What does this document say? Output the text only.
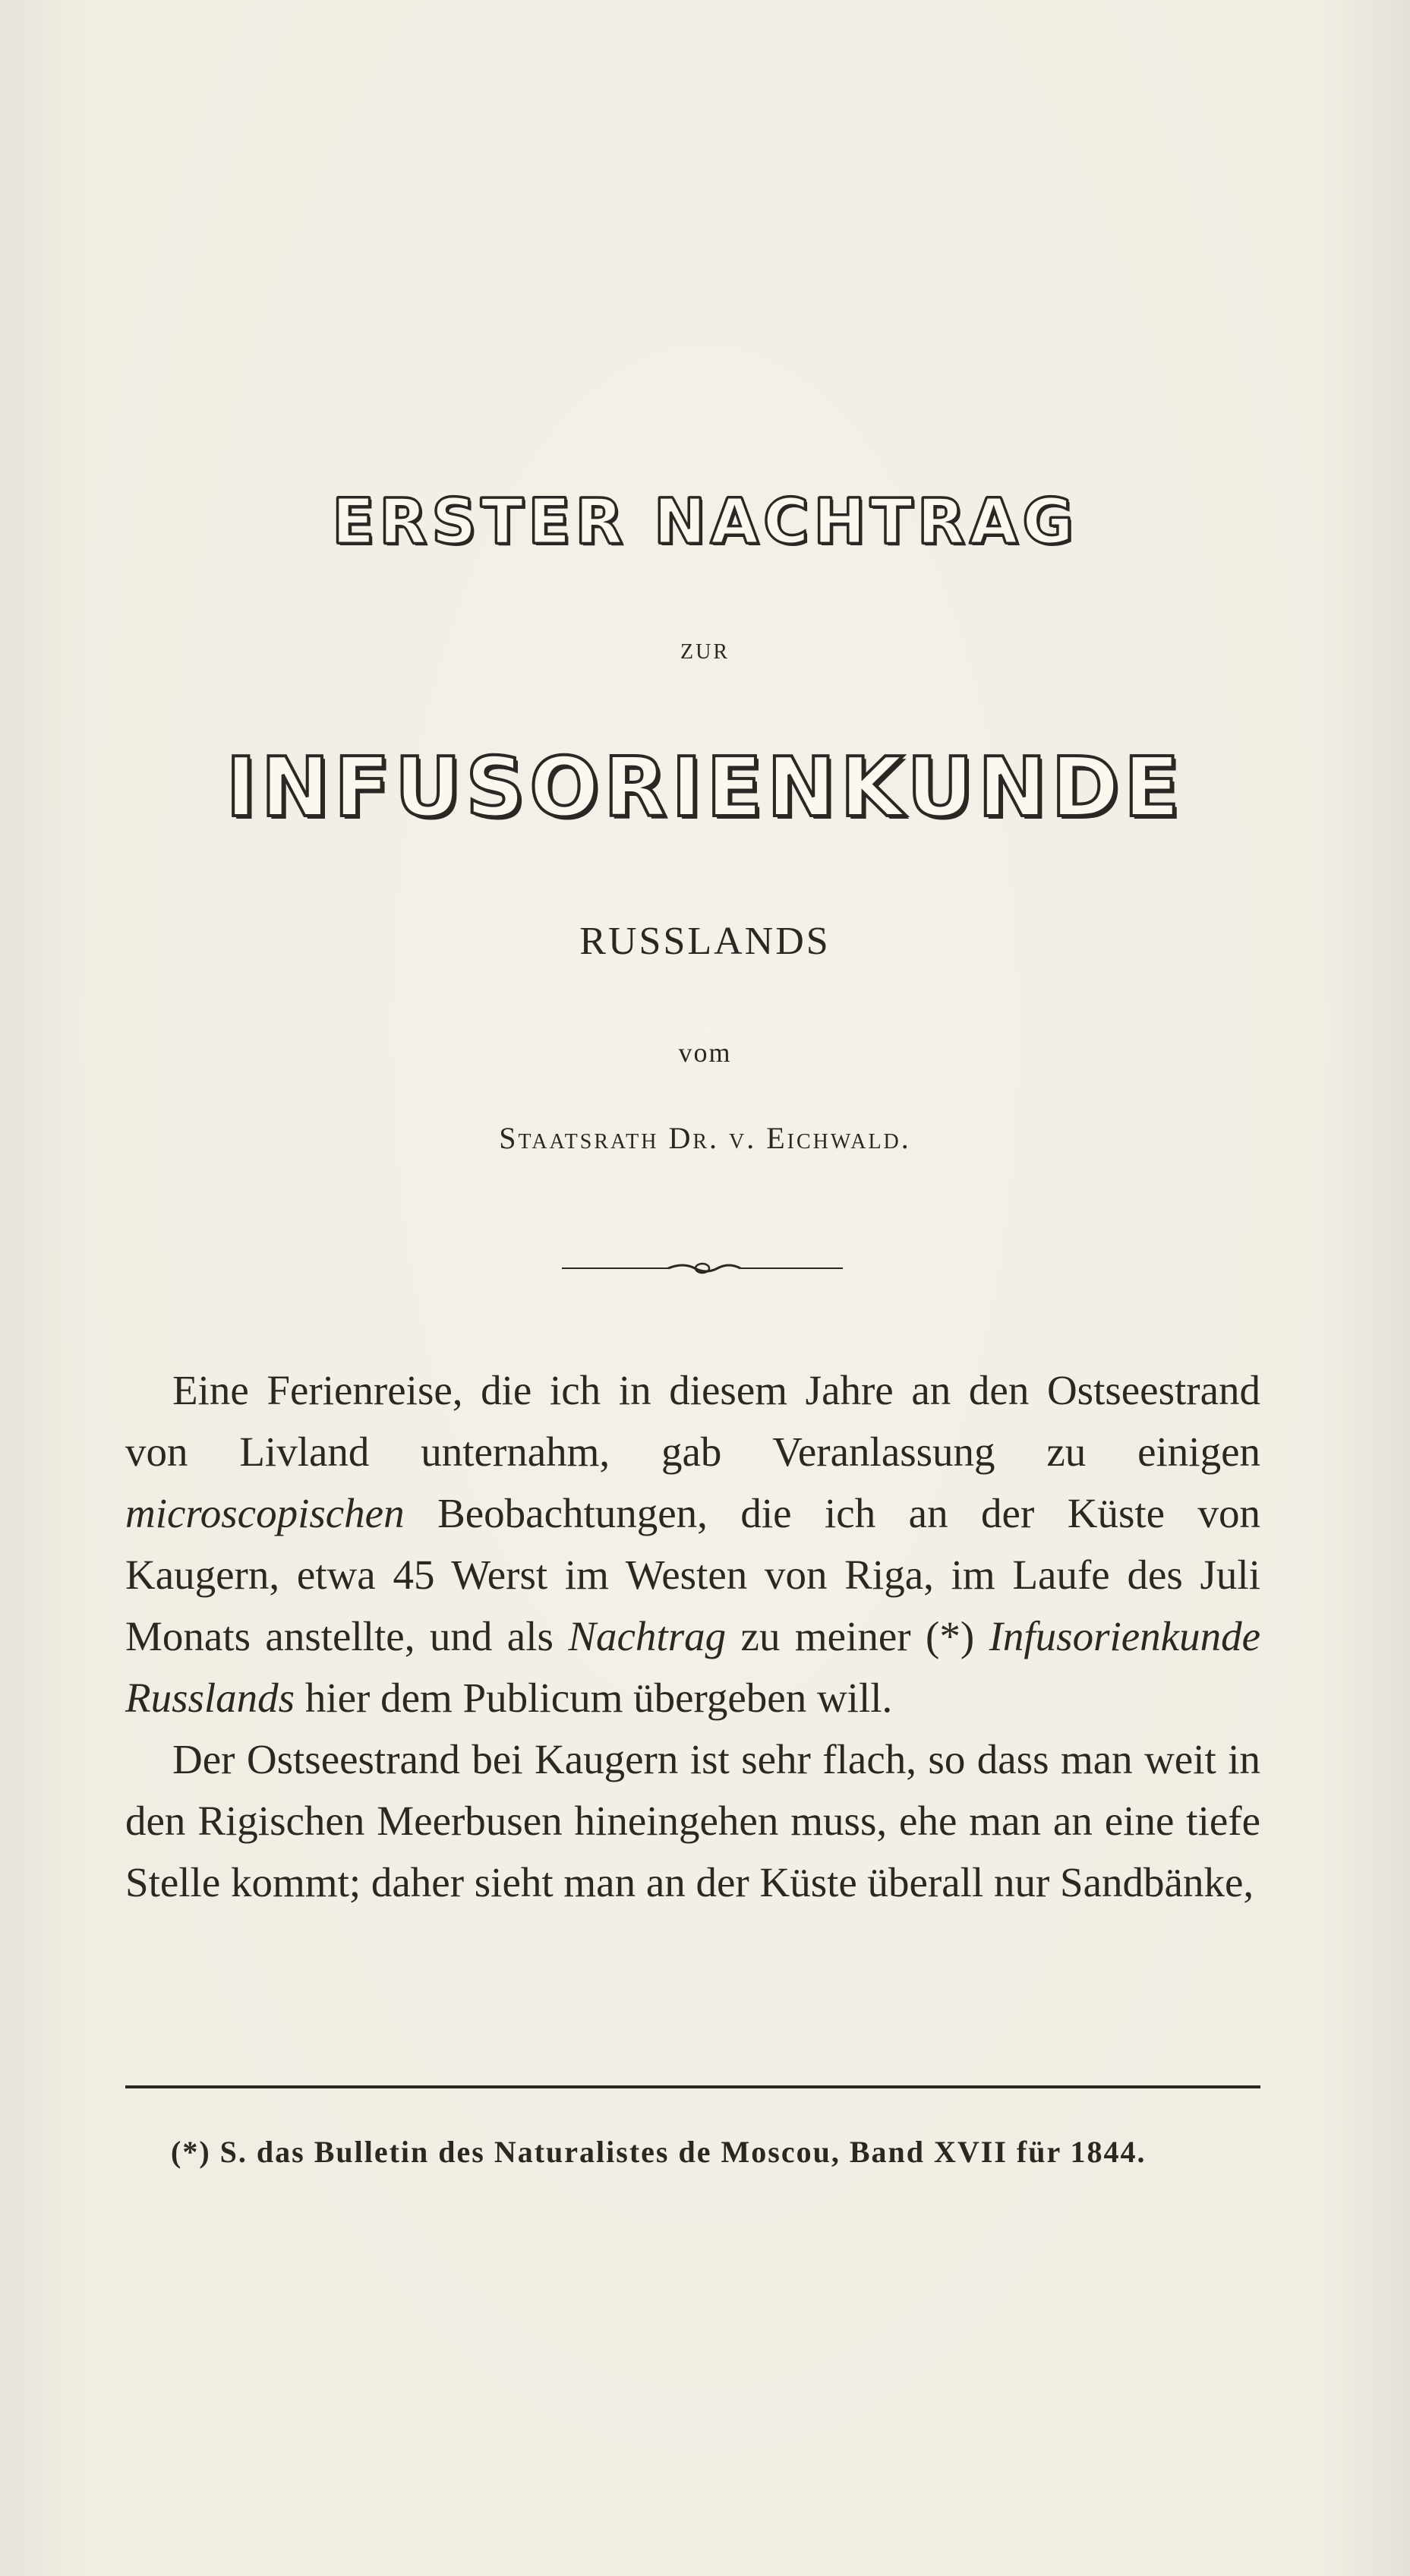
ERSTER NACHTRAG
zur
INFUSORIENKUNDE
RUSSLANDS
vom
Staatsrath Dr. v. Eichwald.

Eine Ferienreise, die ich in diesem Jahre an den Ostseestrand von Livland unternahm, gab Veranlassung zu einigen microscopischen Beobachtungen, die ich an der Küste von Kaugern, etwa 45 Werst im Westen von Riga, im Laufe des Juli Monats anstellte, und als Nachtrag zu meiner (*) Infusorienkunde Russlands hier dem Publicum übergeben will.

Der Ostseestrand bei Kaugern ist sehr flach, so dass man weit in den Rigischen Meerbusen hineingehen muss, ehe man an eine tiefe Stelle kommt; daher sieht man an der Küste überall nur Sandbänke,

(*) S. das Bulletin des Naturalistes de Moscou, Band XVII für 1844.
